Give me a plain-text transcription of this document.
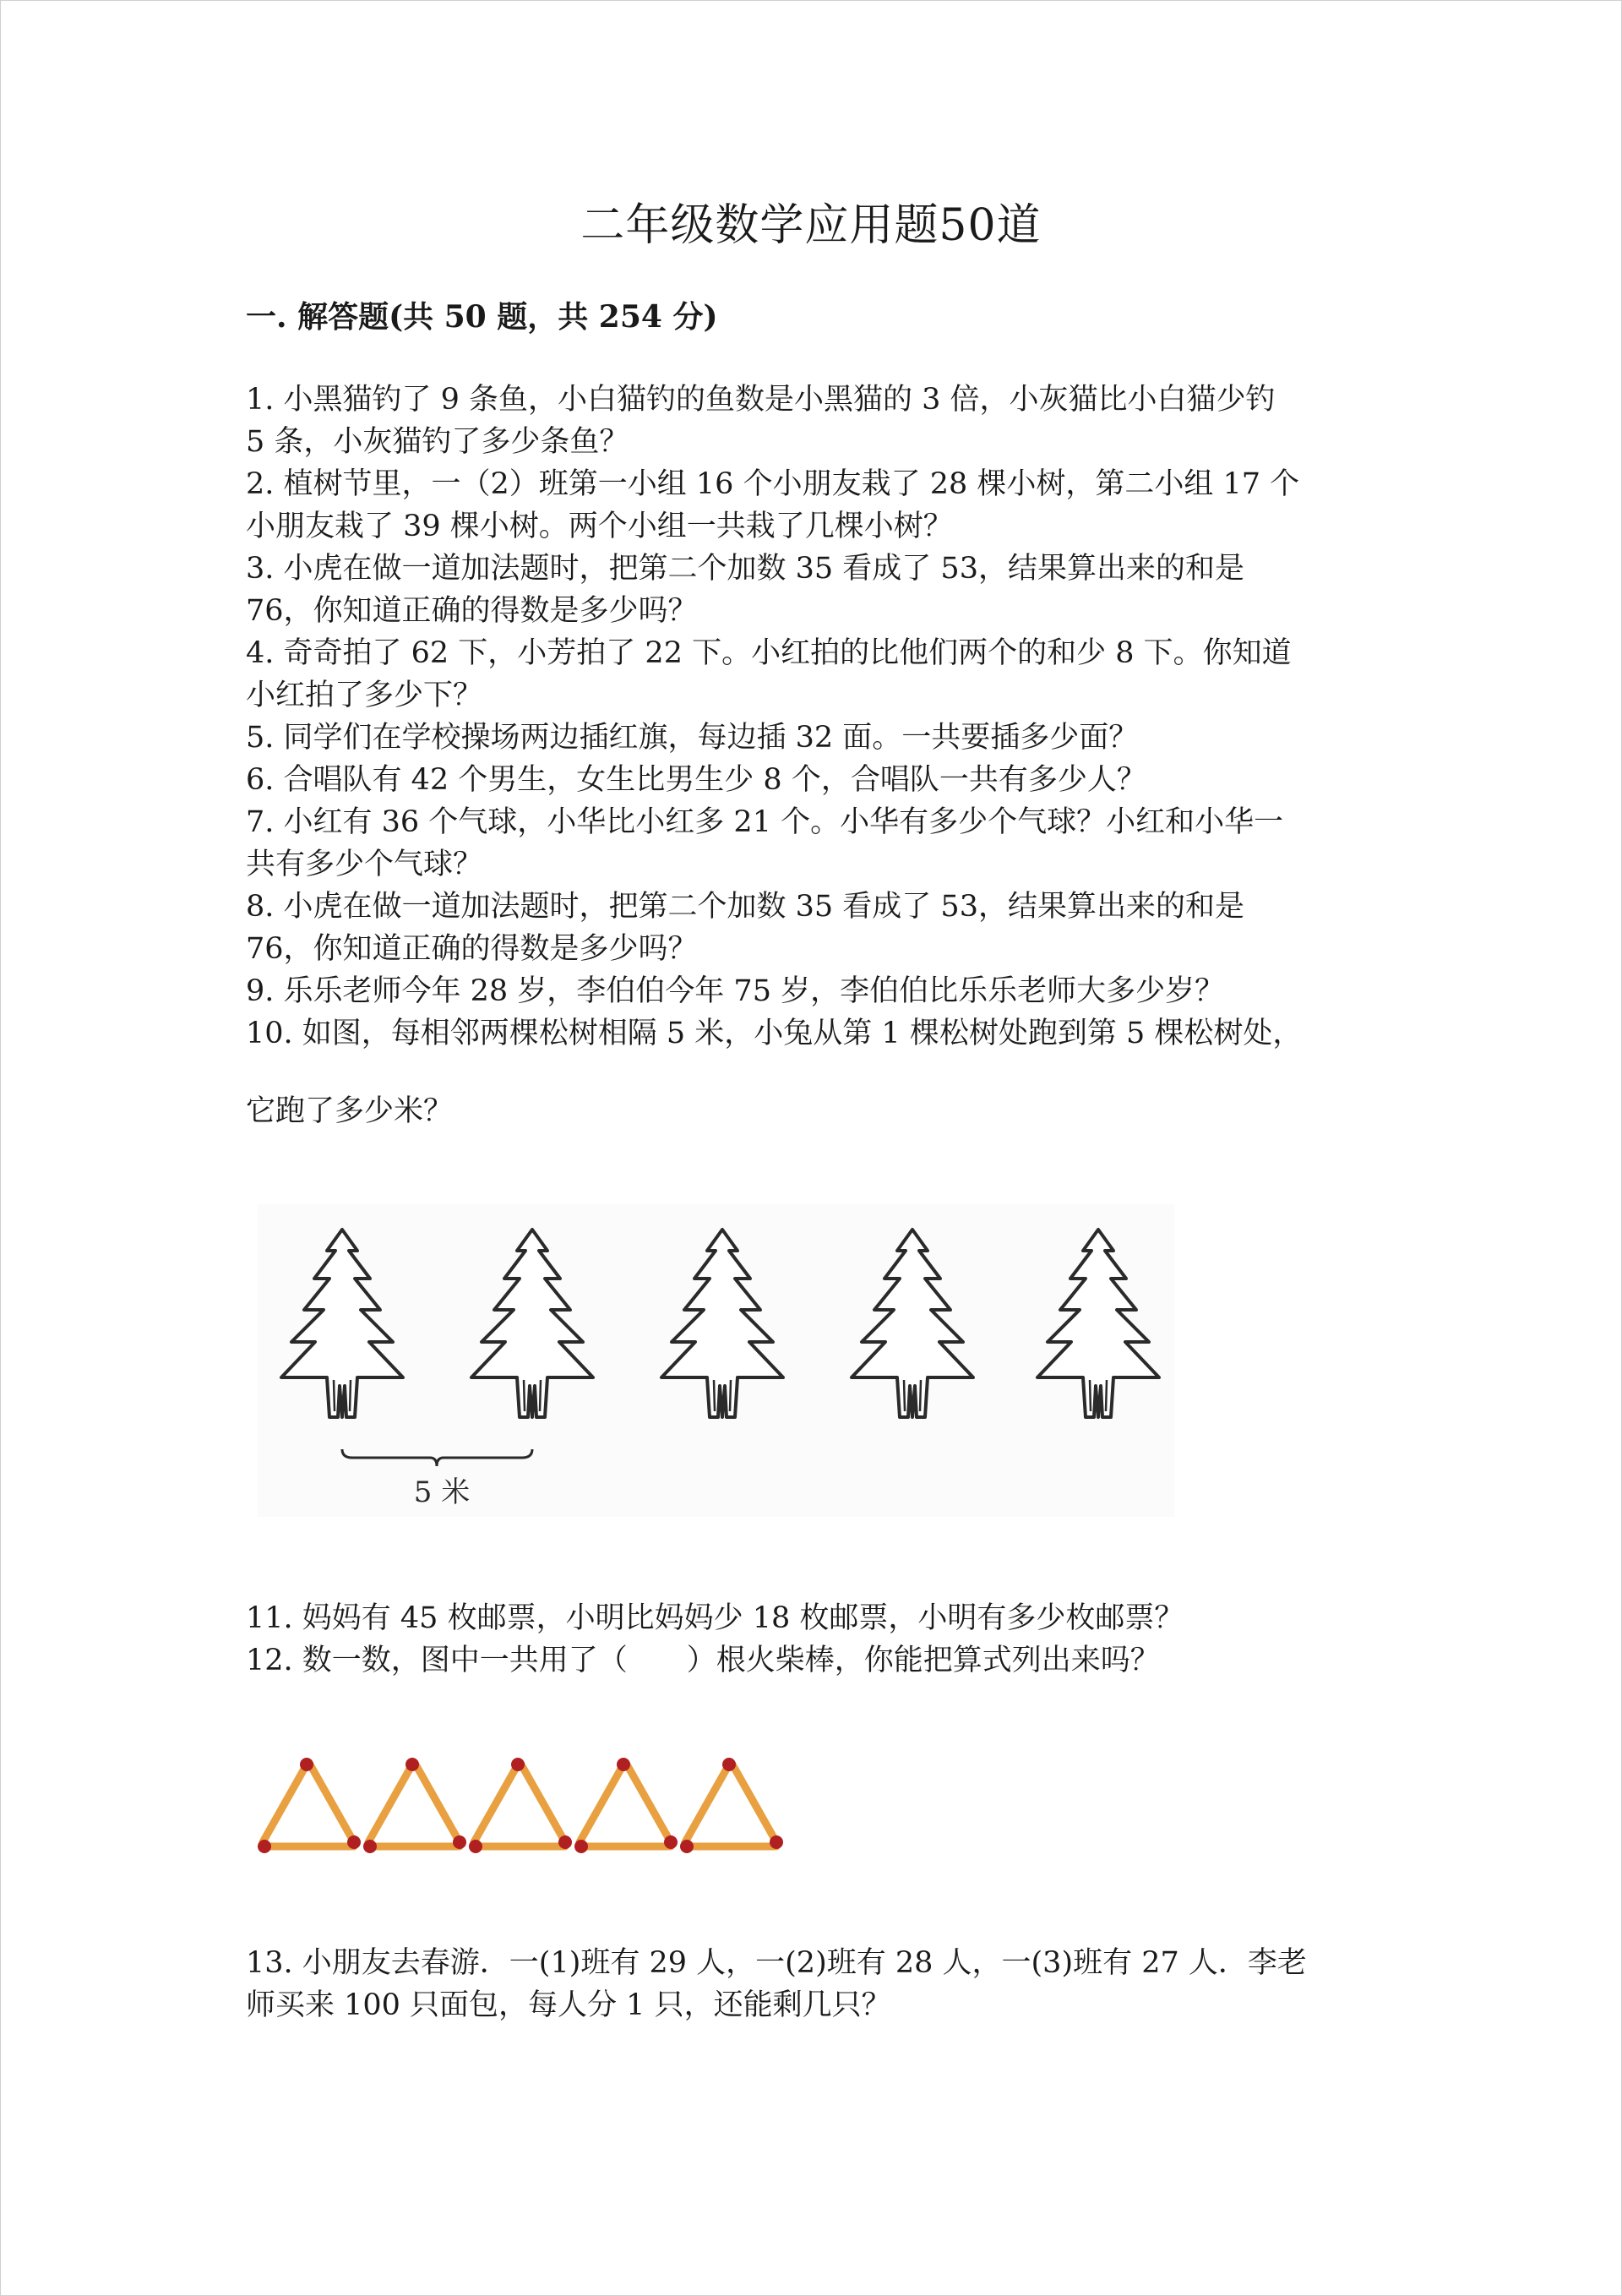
二年级数学应用题50道
一. 解答题(共 50 题，共 254 分)
1. 小黑猫钓了 9 条鱼，小白猫钓的鱼数是小黑猫的 3 倍，小灰猫比小白猫少钓
5 条，小灰猫钓了多少条鱼？
2. 植树节里，一（2）班第一小组 16 个小朋友栽了 28 棵小树，第二小组 17 个
小朋友栽了 39 棵小树。两个小组一共栽了几棵小树？
3. 小虎在做一道加法题时，把第二个加数 35 看成了 53，结果算出来的和是
76，你知道正确的得数是多少吗？
4. 奇奇拍了 62 下，小芳拍了 22 下。小红拍的比他们两个的和少 8 下。你知道
小红拍了多少下？
5. 同学们在学校操场两边插红旗，每边插 32 面。一共要插多少面？
6. 合唱队有 42 个男生，女生比男生少 8 个，合唱队一共有多少人？
7. 小红有 36 个气球，小华比小红多 21 个。小华有多少个气球？小红和小华一
共有多少个气球？
8. 小虎在做一道加法题时，把第二个加数 35 看成了 53，结果算出来的和是
76，你知道正确的得数是多少吗？
9. 乐乐老师今年 28 岁，李伯伯今年 75 岁，李伯伯比乐乐老师大多少岁？
10. 如图，每相邻两棵松树相隔 5 米，小兔从第 1 棵松树处跑到第 5 棵松树处，
它跑了多少米？
5 米
11. 妈妈有 45 枚邮票，小明比妈妈少 18 枚邮票，小明有多少枚邮票？
12. 数一数，图中一共用了（　　）根火柴棒，你能把算式列出来吗？
13. 小朋友去春游．一(1)班有 29 人，一(2)班有 28 人，一(3)班有 27 人．李老
师买来 100 只面包，每人分 1 只，还能剩几只？
